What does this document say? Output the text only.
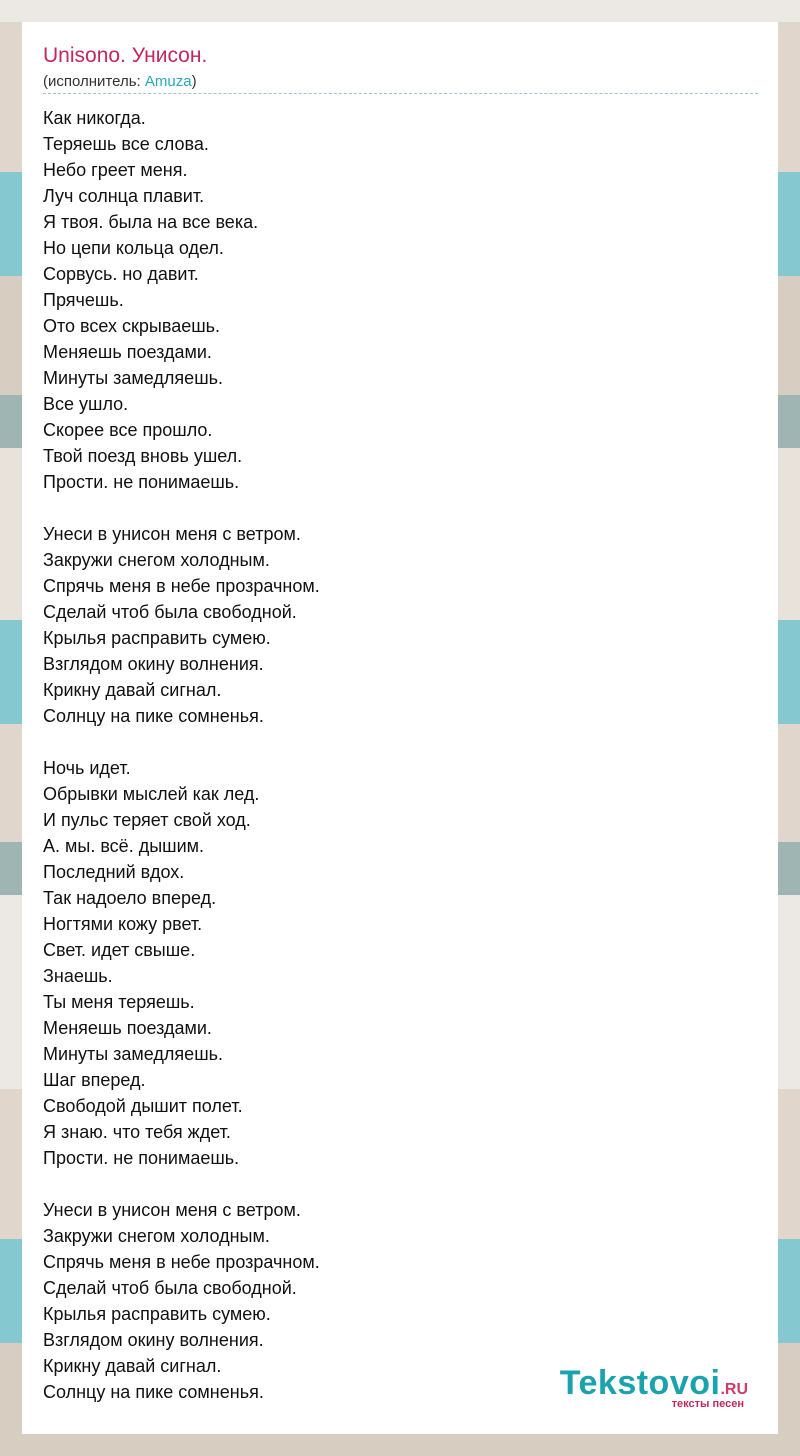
Unisono. Унисон.
(исполнитель: Amuza)
Как никогда.
Теряешь все слова.
Небо греет меня.
Луч солнца плавит.
Я твоя. была на все века.
Но цепи кольца одел.
Сорвусь. но давит.
Прячешь.
Ото всех скрываешь.
Меняешь поездами.
Минуты замедляешь.
Все ушло.
Скорее все прошло.
Твой поезд вновь ушел.
Прости. не понимаешь.
Унеси в унисон меня с ветром.
Закружи снегом холодным.
Спрячь меня в небе прозрачном.
Сделай чтоб была свободной.
Крылья расправить сумею.
Взглядом окину волнения.
Крикну давай сигнал.
Солнцу на пике сомненья.
Ночь идет.
Обрывки мыслей как лед.
И пульс теряет свой ход.
А. мы. всё. дышим.
Последний вдох.
Так надоело вперед.
Ногтями кожу рвет.
Свет. идет свыше.
Знаешь.
Ты меня теряешь.
Меняешь поездами.
Минуты замедляешь.
Шаг вперед.
Свободой дышит полет.
Я знаю. что тебя ждет.
Прости. не понимаешь.
Унеси в унисон меня с ветром.
Закружи снегом холодным.
Спрячь меня в небе прозрачном.
Сделай чтоб была свободной.
Крылья расправить сумею.
Взглядом окину волнения.
Крикну давай сигнал.
Солнцу на пике сомненья.	Tekstovoi.RU
тексты песен
